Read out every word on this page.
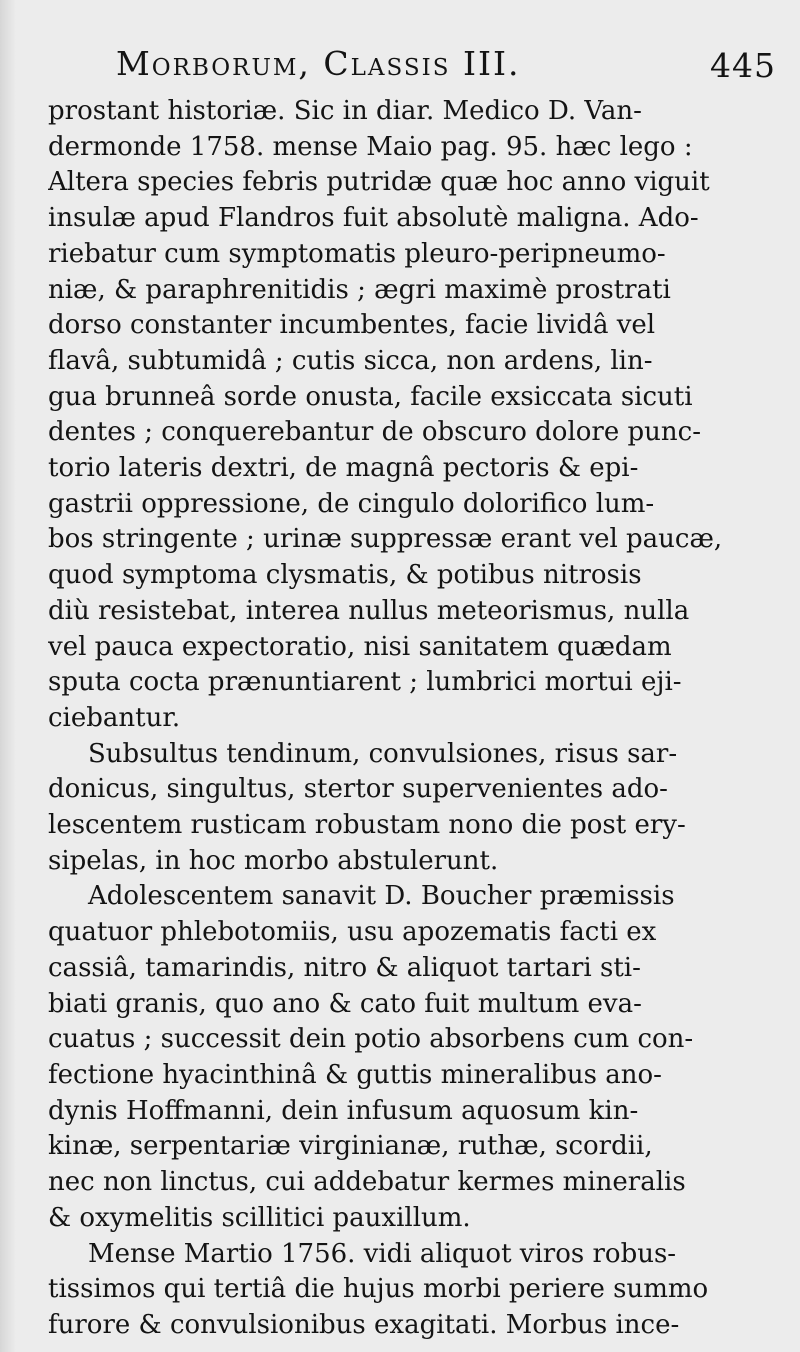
Morborum, Classis III.	445
prostant historiæ. Sic in diar. Medico D. Van-
dermonde 1758. mense Maio pag. 95. hæc lego :
Altera species febris putridæ quæ hoc anno viguit
insulæ apud Flandros fuit absolutè maligna. Ado-
riebatur cum symptomatis pleuro-peripneumo-
niæ, & paraphrenitidis ; ægri maximè prostrati
dorso constanter incumbentes, facie lividâ vel
flavâ, subtumidâ ; cutis sicca, non ardens, lin-
gua brunneâ sorde onusta, facile exsiccata sicuti
dentes ; conquerebantur de obscuro dolore punc-
torio lateris dextri, de magnâ pectoris & epi-
gastrii oppressione, de cingulo dolorifico lum-
bos stringente ; urinæ suppressæ erant vel paucæ,
quod symptoma clysmatis, & potibus nitrosis
diù resistebat, interea nullus meteorismus, nulla
vel pauca expectoratio, nisi sanitatem quædam
sputa cocta prænuntiarent ; lumbrici mortui eji-
ciebantur.
Subsultus tendinum, convulsiones, risus sar-
donicus, singultus, stertor supervenientes ado-
lescentem rusticam robustam nono die post ery-
sipelas, in hoc morbo abstulerunt.
Adolescentem sanavit D. Boucher præmissis
quatuor phlebotomiis, usu apozematis facti ex
cassiâ, tamarindis, nitro & aliquot tartari sti-
biati granis, quo ano & cato fuit multum eva-
cuatus ; successit dein potio absorbens cum con-
fectione hyacinthinâ & guttis mineralibus ano-
dynis Hoffmanni, dein infusum aquosum kin-
kinæ, serpentariæ virginianæ, ruthæ, scordii,
nec non linctus, cui addebatur kermes mineralis
& oxymelitis scillitici pauxillum.
Mense Martio 1756. vidi aliquot viros robus-
tissimos qui tertiâ die hujus morbi periere summo
furore & convulsionibus exagitati. Morbus ince-
